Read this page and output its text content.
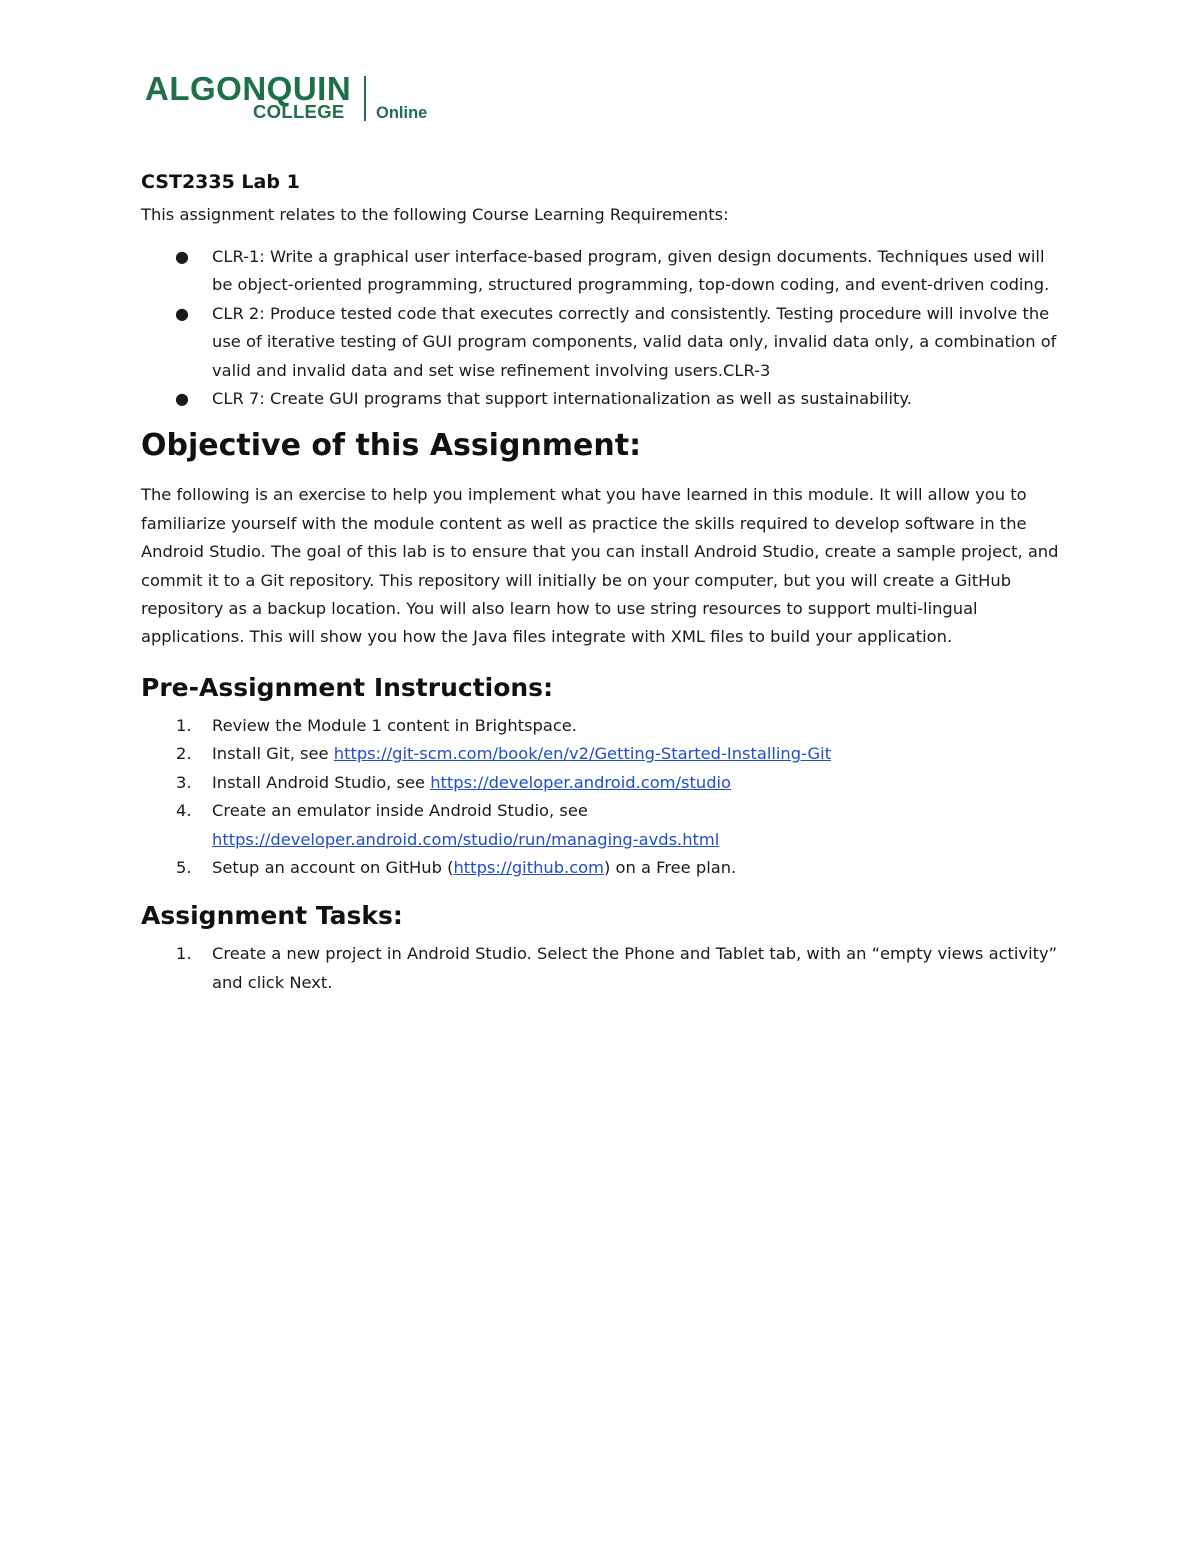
ALGONQUIN
COLLEGE Online
CST2335 Lab 1

This assignment relates to the following Course Learning Requirements:

● CLR-1: Write a graphical user interface-based program, given design documents. Techniques used will be object-oriented programming, structured programming, top-down coding, and event-driven coding.
● CLR 2: Produce tested code that executes correctly and consistently. Testing procedure will involve the use of iterative testing of GUI program components, valid data only, invalid data only, a combination of valid and invalid data and set wise refinement involving users.CLR-3
● CLR 7: Create GUI programs that support internationalization as well as sustainability.
Objective of this Assignment:

The following is an exercise to help you implement what you have learned in this module. It will allow you to familiarize yourself with the module content as well as practice the skills required to develop software in the Android Studio. The goal of this lab is to ensure that you can install Android Studio, create a sample project, and commit it to a Git repository. This repository will initially be on your computer, but you will create a GitHub repository as a backup location. You will also learn how to use string resources to support multi-lingual applications. This will show you how the Java files integrate with XML files to build your application.

Pre-Assignment Instructions:
1. Review the Module 1 content in Brightspace.
2. Install Git, see https://git-scm.com/book/en/v2/Getting-Started-Installing-Git
3. Install Android Studio, see https://developer.android.com/studio
4. Create an emulator inside Android Studio, see
https://developer.android.com/studio/run/managing-avds.html
5. Setup an account on GitHub (https://github.com) on a Free plan.
Assignment Tasks:
1. Create a new project in Android Studio. Select the Phone and Tablet tab, with an “empty views activity” and click Next.
